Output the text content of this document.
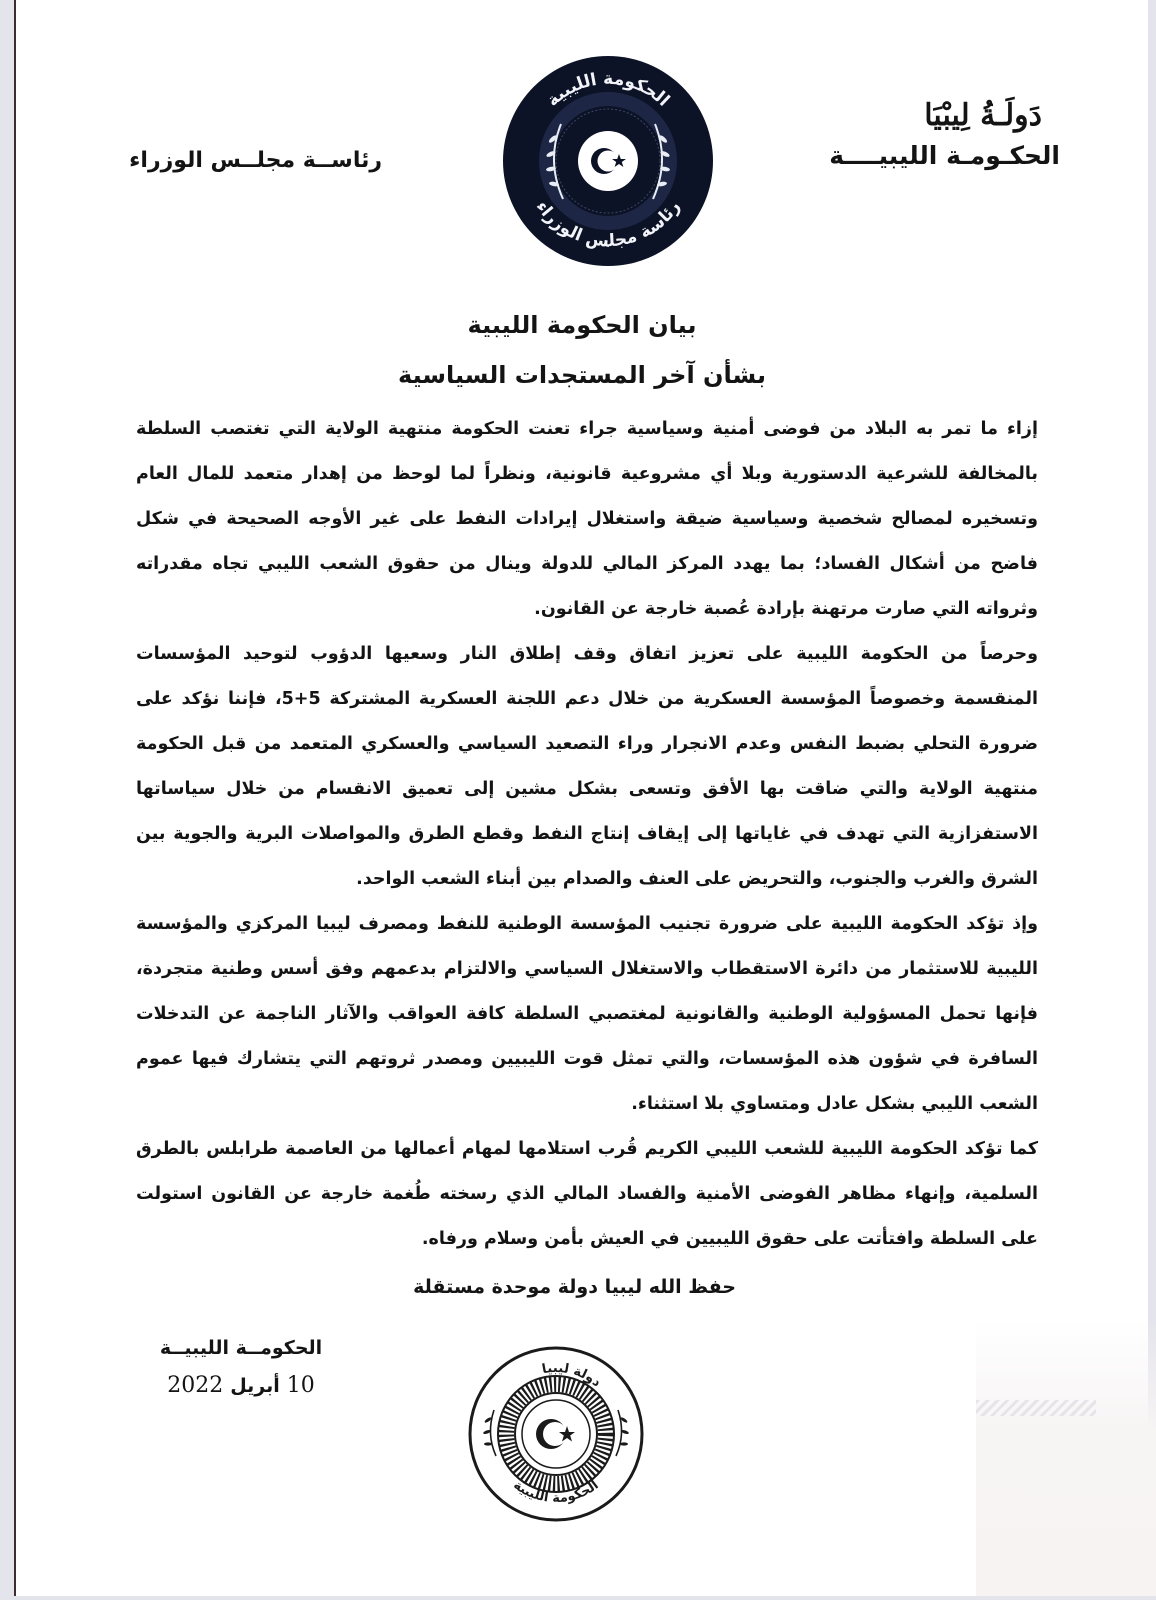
دَولَـةُ لِيبْيَا
الحكـومـة الليبيــــة
الحكومة الليبية
رئاسة مجلس الوزراء
رئاســة مجلــس الوزراء
بيان الحكومة الليبية
بشأن آخر المستجدات السياسية

إزاء ما تمر به البلاد من فوضى أمنية وسياسية جراء تعنت الحكومة منتهية الولاية التي تغتصب السلطة بالمخالفة للشرعية الدستورية وبلا أي مشروعية قانونية، ونظراً لما لوحظ من إهدار متعمد للمال العام وتسخيره لمصالح شخصية وسياسية ضيقة واستغلال إيرادات النفط على غير الأوجه الصحيحة في شكل فاضح من أشكال الفساد؛ بما يهدد المركز المالي للدولة وينال من حقوق الشعب الليبي تجاه مقدراته وثرواته التي صارت مرتهنة بإرادة عُصبة خارجة عن القانون.

وحرصاً من الحكومة الليبية على تعزيز اتفاق وقف إطلاق النار وسعيها الدؤوب لتوحيد المؤسسات المنقسمة وخصوصاً المؤسسة العسكرية من خلال دعم اللجنة العسكرية المشتركة 5+5، فإننا نؤكد على ضرورة التحلي بضبط النفس وعدم الانجرار وراء التصعيد السياسي والعسكري المتعمد من قبل الحكومة منتهية الولاية والتي ضاقت بها الأفق وتسعى بشكل مشين إلى تعميق الانقسام من خلال سياساتها الاستفزازية التي تهدف في غاياتها إلى إيقاف إنتاج النفط وقطع الطرق والمواصلات البرية والجوية بين الشرق والغرب والجنوب، والتحريض على العنف والصدام بين أبناء الشعب الواحد.

وإذ تؤكد الحكومة الليبية على ضرورة تجنيب المؤسسة الوطنية للنفط ومصرف ليبيا المركزي والمؤسسة الليبية للاستثمار من دائرة الاستقطاب والاستغلال السياسي والالتزام بدعمهم وفق أسس وطنية متجردة، فإنها تحمل المسؤولية الوطنية والقانونية لمغتصبي السلطة كافة العواقب والآثار الناجمة عن التدخلات السافرة في شؤون هذه المؤسسات، والتي تمثل قوت الليبيين ومصدر ثروتهم التي يتشارك فيها عموم الشعب الليبي بشكل عادل ومتساوي بلا استثناء.

كما تؤكد الحكومة الليبية للشعب الليبي الكريم قُرب استلامها لمهام أعمالها من العاصمة طرابلس بالطرق السلمية، وإنهاء مظاهر الفوضى الأمنية والفساد المالي الذي رسخته طُغمة خارجة عن القانون استولت على السلطة وافتأتت على حقوق الليبيين في العيش بأمن وسلام ورفاه.

حفظ الله ليبيا دولة موحدة مستقلة
الحكومــة الليبيــة
10 أبريل 2022
دولة ليبيا
الحكومة الليبية
